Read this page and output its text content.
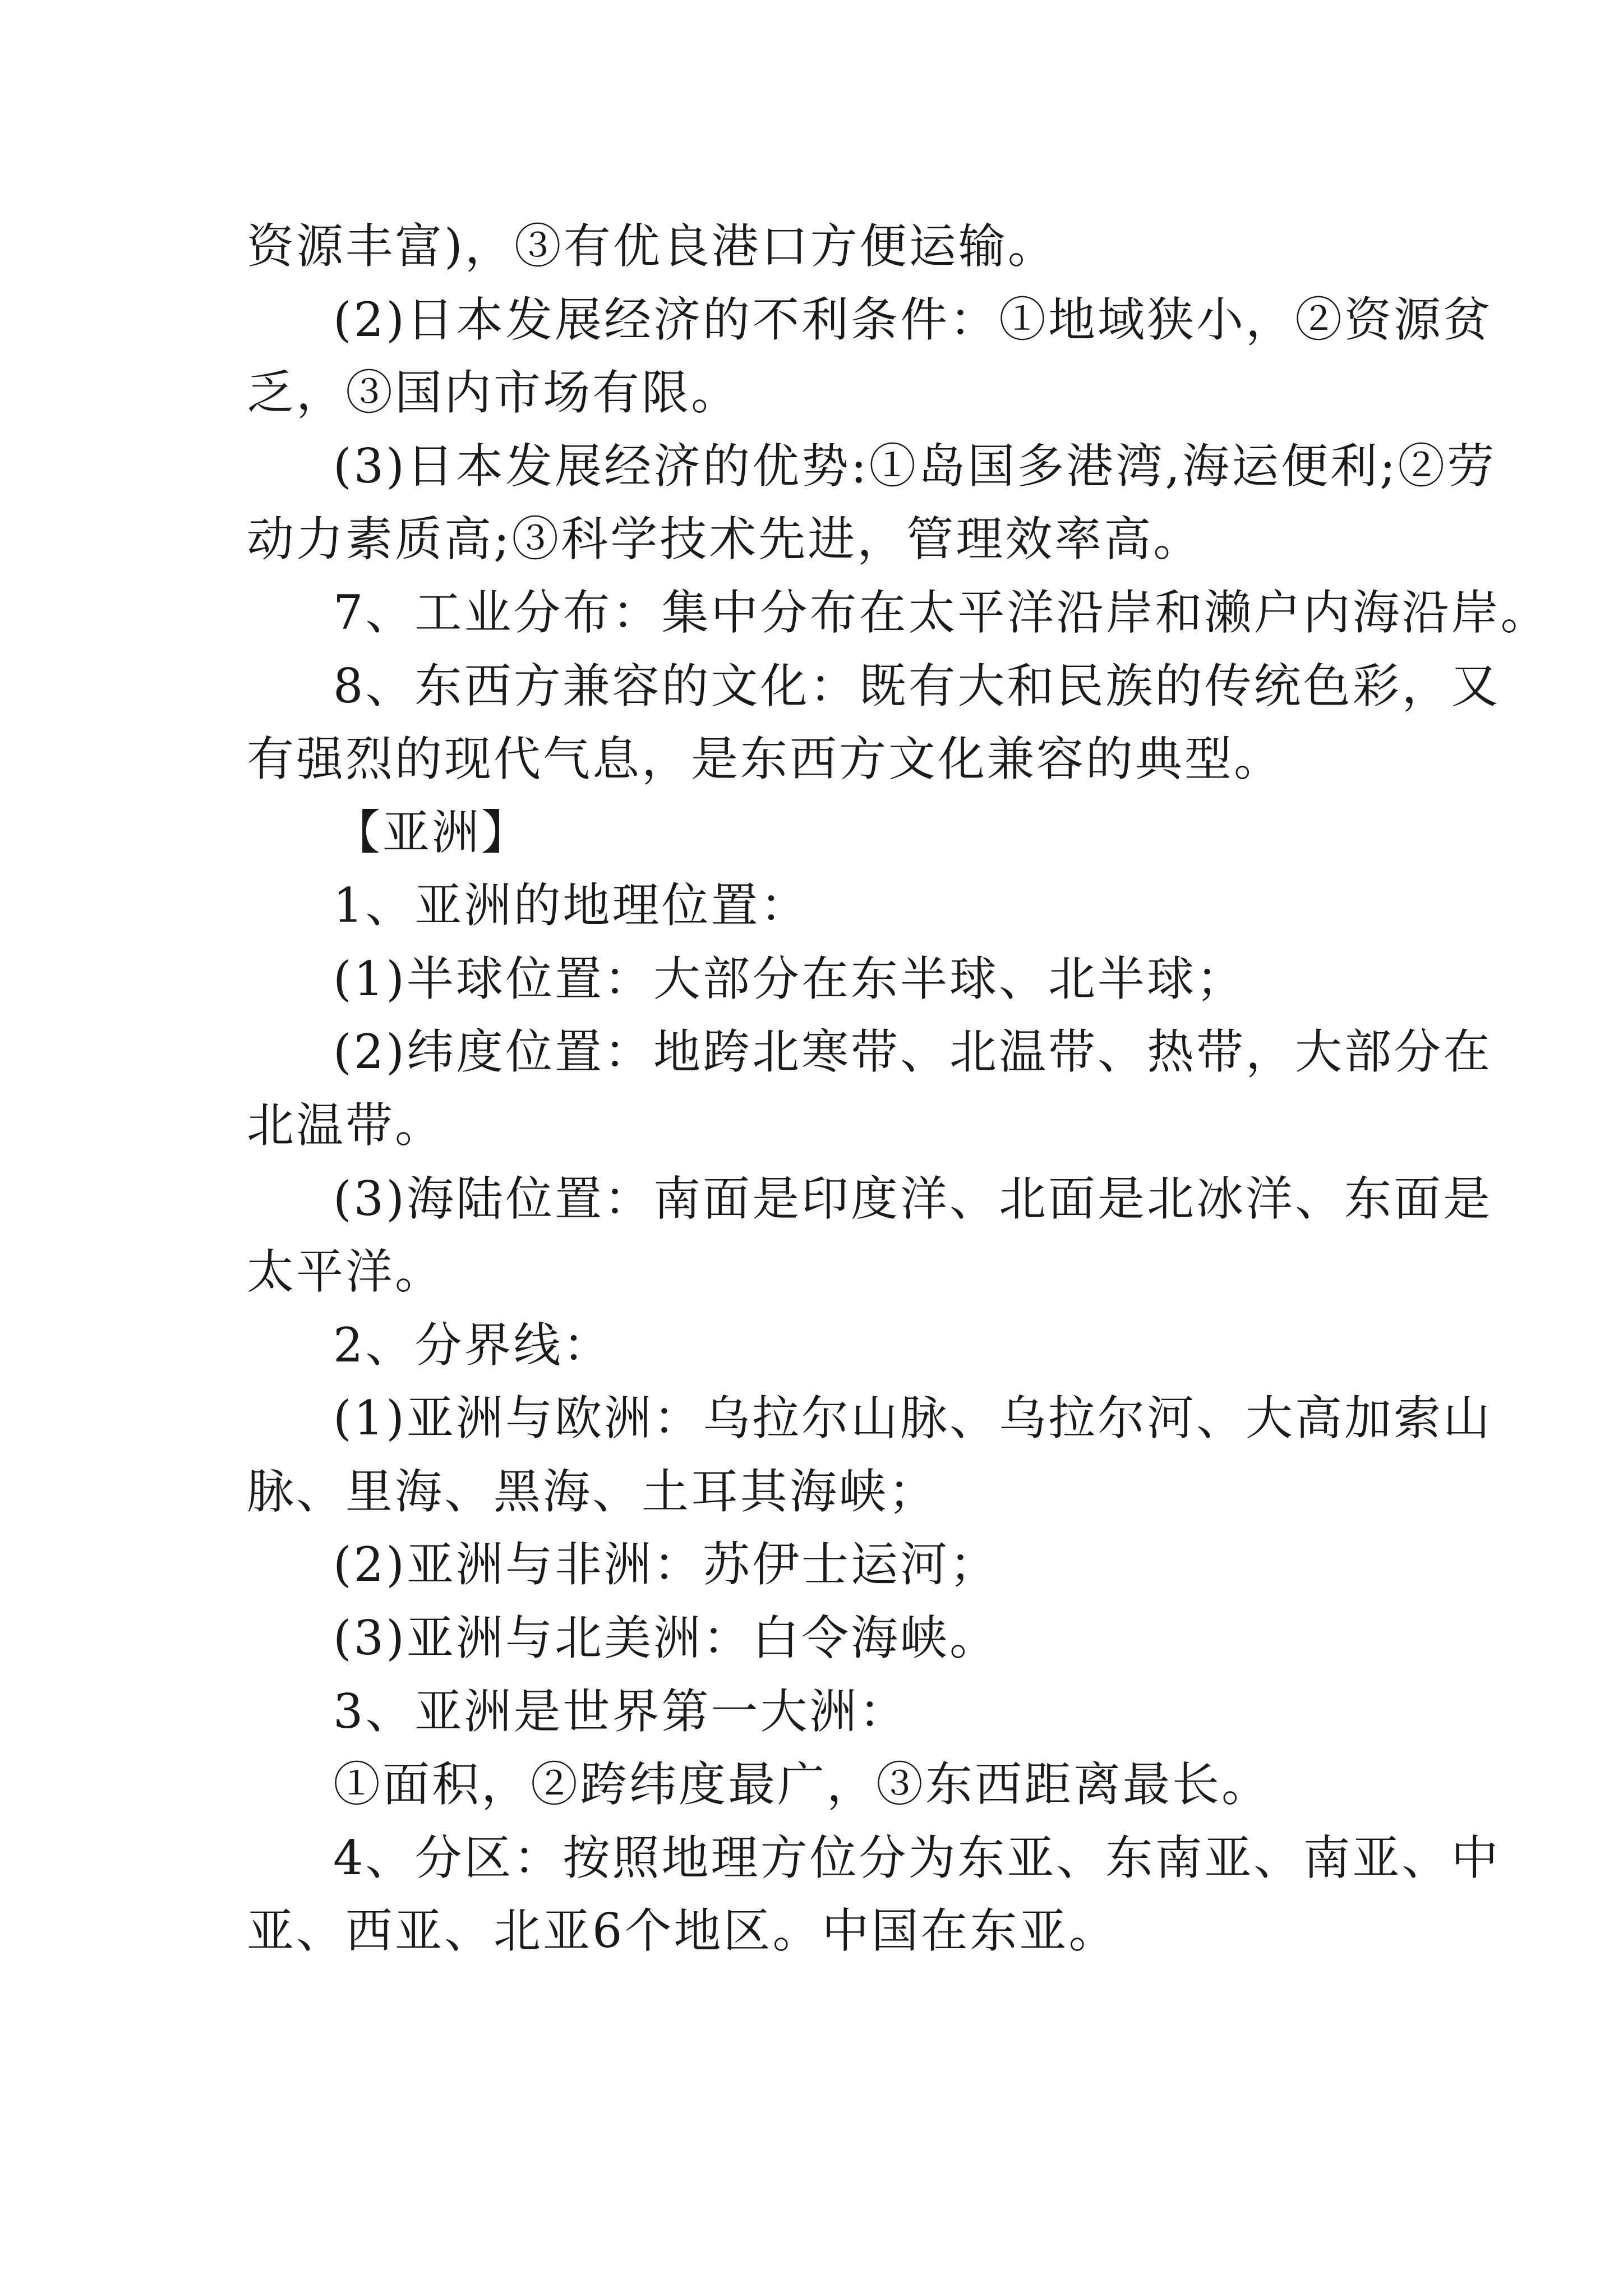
资源丰富)，③有优良港口方便运输。
(2)日本发展经济的不利条件：①地域狭小，②资源贫
乏，③国内市场有限。
(3)日本发展经济的优势:①岛国多港湾,海运便利;②劳
动力素质高;③科学技术先进，管理效率高。
7、工业分布：集中分布在太平洋沿岸和濑户内海沿岸。
8、东西方兼容的文化：既有大和民族的传统色彩，又
有强烈的现代气息，是东西方文化兼容的典型。
【亚洲】
1、亚洲的地理位置：
(1)半球位置：大部分在东半球、北半球；
(2)纬度位置：地跨北寒带、北温带、热带，大部分在
北温带。
(3)海陆位置：南面是印度洋、北面是北冰洋、东面是
太平洋。
2、分界线：
(1)亚洲与欧洲：乌拉尔山脉、乌拉尔河、大高加索山
脉、里海、黑海、土耳其海峡；
(2)亚洲与非洲：苏伊士运河；
(3)亚洲与北美洲：白令海峡。
3、亚洲是世界第一大洲：
①面积，②跨纬度最广，③东西距离最长。
4、分区：按照地理方位分为东亚、东南亚、南亚、中
亚、西亚、北亚6个地区。中国在东亚。
